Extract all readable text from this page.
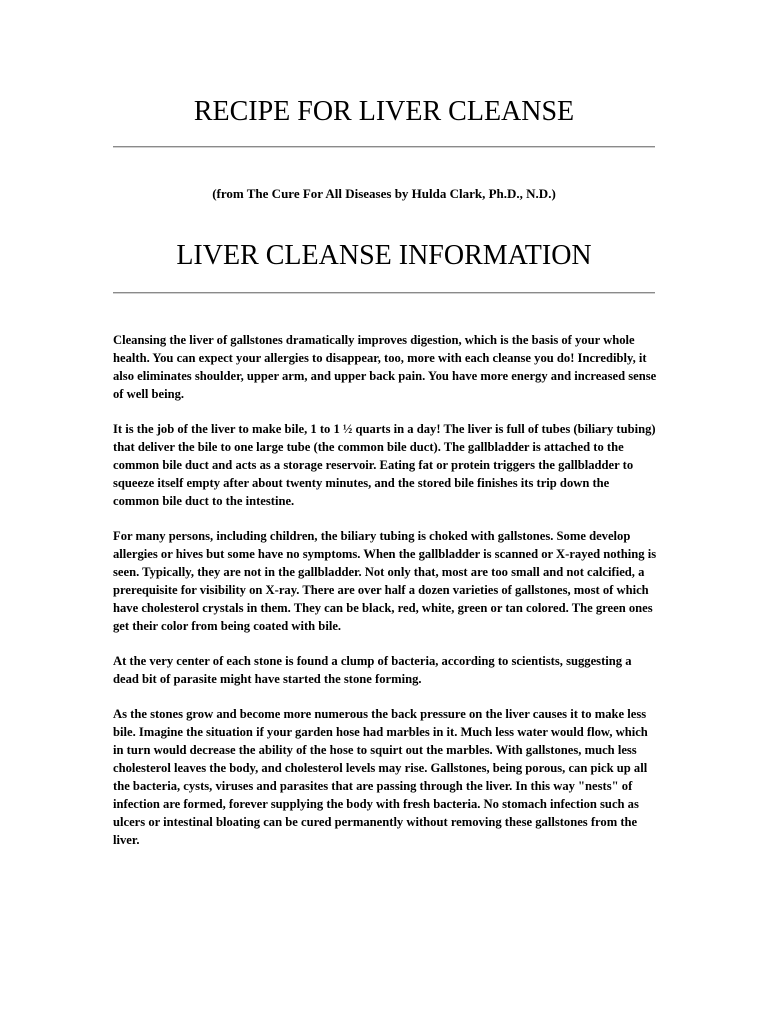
RECIPE FOR LIVER CLEANSE

(from The Cure For All Diseases by Hulda Clark, Ph.D., N.D.)

LIVER CLEANSE INFORMATION

Cleansing the liver of gallstones dramatically improves digestion, which is the basis of your whole health. You can expect your allergies to disappear, too, more with each cleanse you do! Incredibly, it also eliminates shoulder, upper arm, and upper back pain. You have more energy and increased sense of well being.

It is the job of the liver to make bile, 1 to 1 ½ quarts in a day! The liver is full of tubes (biliary tubing) that deliver the bile to one large tube (the common bile duct). The gallbladder is attached to the common bile duct and acts as a storage reservoir. Eating fat or protein triggers the gallbladder to squeeze itself empty after about twenty minutes, and the stored bile finishes its trip down the common bile duct to the intestine.

For many persons, including children, the biliary tubing is choked with gallstones. Some develop allergies or hives but some have no symptoms. When the gallbladder is scanned or X-rayed nothing is seen. Typically, they are not in the gallbladder. Not only that, most are too small and not calcified, a prerequisite for visibility on X-ray. There are over half a dozen varieties of gallstones, most of which have cholesterol crystals in them. They can be black, red, white, green or tan colored. The green ones get their color from being coated with bile.

At the very center of each stone is found a clump of bacteria, according to scientists, suggesting a dead bit of parasite might have started the stone forming.

As the stones grow and become more numerous the back pressure on the liver causes it to make less bile. Imagine the situation if your garden hose had marbles in it. Much less water would flow, which in turn would decrease the ability of the hose to squirt out the marbles. With gallstones, much less cholesterol leaves the body, and cholesterol levels may rise. Gallstones, being porous, can pick up all the bacteria, cysts, viruses and parasites that are passing through the liver. In this way "nests" of infection are formed, forever supplying the body with fresh bacteria. No stomach infection such as ulcers or intestinal bloating can be cured permanently without removing these gallstones from the liver.
